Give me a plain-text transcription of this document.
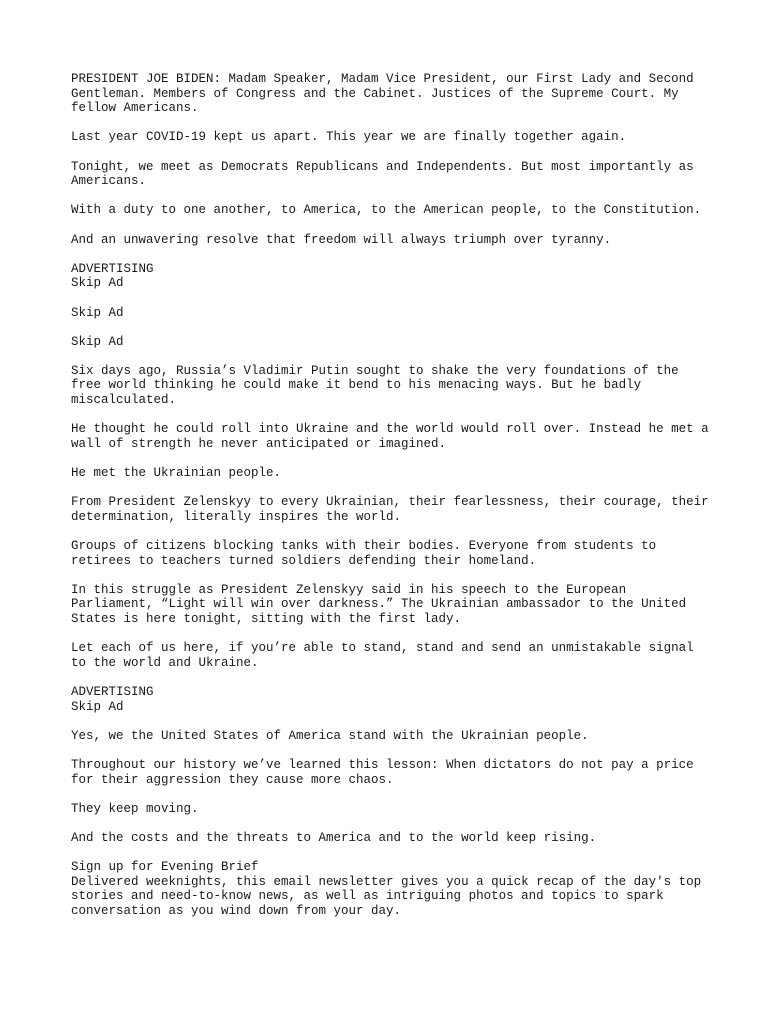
PRESIDENT JOE BIDEN: Madam Speaker, Madam Vice President, our First Lady and Second Gentleman. Members of Congress and the Cabinet. Justices of the Supreme Court. My fellow Americans.

Last year COVID-19 kept us apart. This year we are finally together again.

Tonight, we meet as Democrats Republicans and Independents. But most importantly as Americans.

With a duty to one another, to America, to the American people, to the Constitution.

And an unwavering resolve that freedom will always triumph over tyranny.

ADVERTISING
Skip Ad
Skip Ad
Skip Ad

Six days ago, Russia’s Vladimir Putin sought to shake the very foundations of the free world thinking he could make it bend to his menacing ways. But he badly miscalculated.

He thought he could roll into Ukraine and the world would roll over. Instead he met a wall of strength he never anticipated or imagined.

He met the Ukrainian people.

From President Zelenskyy to every Ukrainian, their fearlessness, their courage, their determination, literally inspires the world.

Groups of citizens blocking tanks with their bodies. Everyone from students to retirees to teachers turned soldiers defending their homeland.

In this struggle as President Zelenskyy said in his speech to the European Parliament, “Light will win over darkness.” The Ukrainian ambassador to the United States is here tonight, sitting with the first lady.

Let each of us here, if you’re able to stand, stand and send an unmistakable signal to the world and Ukraine.

ADVERTISING
Skip Ad

Yes, we the United States of America stand with the Ukrainian people.

Throughout our history we’ve learned this lesson: When dictators do not pay a price for their aggression they cause more chaos.

They keep moving.

And the costs and the threats to America and to the world keep rising.

Sign up for Evening Brief
Delivered weeknights, this email newsletter gives you a quick recap of the day's top stories and need-to-know news, as well as intriguing photos and topics to spark conversation as you wind down from your day.
